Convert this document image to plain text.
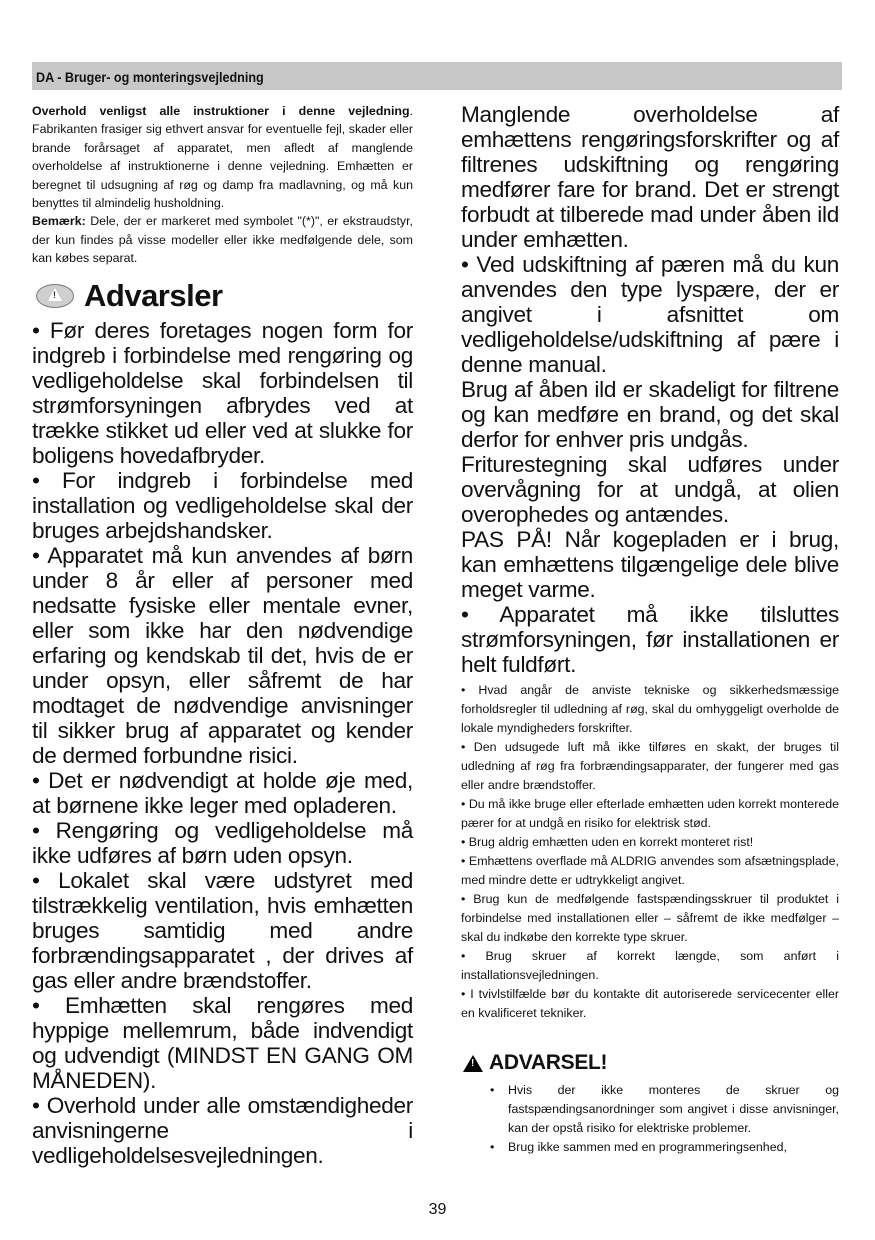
DA - Bruger- og monteringsvejledning

Overhold venligst alle instruktioner i denne vejledning. Fabrikanten frasiger sig ethvert ansvar for eventuelle fejl, skader eller brande forårsaget af apparatet, men afledt af manglende overholdelse af instruktionerne i denne vejledning. Emhætten er beregnet til udsugning af røg og damp fra madlavning, og må kun benyttes til almindelig husholdning.

Bemærk: Dele, der er markeret med symbolet "(*)", er ekstraudstyr, der kun findes på visse modeller eller ikke medfølgende dele, som kan købes separat.

! Advarsler

• Før deres foretages nogen form for indgreb i forbindelse med rengøring og vedligeholdelse skal forbindelsen til strømforsyningen afbrydes ved at trække stikket ud eller ved at slukke for boligens hovedafbryder.

• For indgreb i forbindelse med installation og vedligeholdelse skal der bruges arbejdshandsker.

• Apparatet må kun anvendes af børn under 8 år eller af personer med nedsatte fysiske eller mentale evner, eller som ikke har den nødvendige erfaring og kendskab til det, hvis de er under opsyn, eller såfremt de har modtaget de nødvendige anvisninger til sikker brug af apparatet og kender de dermed forbundne risici.

• Det er nødvendigt at holde øje med, at børnene ikke leger med opladeren.

• Rengøring og vedligeholdelse må ikke udføres af børn uden opsyn.

• Lokalet skal være udstyret med tilstrækkelig ventilation, hvis emhætten bruges samtidig med andre forbrændingsapparatet , der drives af gas eller andre brændstoffer.

• Emhætten skal rengøres med hyppige mellemrum, både indvendigt og udvendigt (MINDST EN GANG OM MÅNEDEN).

• Overhold under alle omstændigheder anvisningerne i vedligeholdelsesvejledningen.

Manglende overholdelse af emhættens rengøringsforskrifter og af filtrenes udskiftning og rengøring medfører fare for brand. Det er strengt forbudt at tilberede mad under åben ild under emhætten.

• Ved udskiftning af pæren må du kun anvendes den type lyspære, der er angivet i afsnittet om vedligeholdelse/udskiftning af pære i denne manual.

Brug af åben ild er skadeligt for filtrene og kan medføre en brand, og det skal derfor for enhver pris undgås.

Friturestegning skal udføres under overvågning for at undgå, at olien overophedes og antændes.

PAS PÅ! Når kogepladen er i brug, kan emhættens tilgængelige dele blive meget varme.

• Apparatet må ikke tilsluttes strømforsyningen, før installationen er helt fuldført.

• Hvad angår de anviste tekniske og sikkerhedsmæssige forholdsregler til udledning af røg, skal du omhyggeligt overholde de lokale myndigheders forskrifter.

• Den udsugede luft må ikke tilføres en skakt, der bruges til udledning af røg fra forbrændingsapparater, der fungerer med gas eller andre brændstoffer.

• Du må ikke bruge eller efterlade emhætten uden korrekt monterede pærer for at undgå en risiko for elektrisk stød.

• Brug aldrig emhætten uden en korrekt monteret rist!

• Emhættens overflade må ALDRIG anvendes som afsætningsplade, med mindre dette er udtrykkeligt angivet.

• Brug kun de medfølgende fastspændingsskruer til produktet i forbindelse med installationen eller – såfremt de ikke medfølger – skal du indkøbe den korrekte type skruer.

• Brug skruer af korrekt længde, som anført i installationsvejledningen.

• I tvivlstilfælde bør du kontakte dit autoriserede servicecenter eller en kvalificeret tekniker.

! ADVARSEL!
• Hvis der ikke monteres de skruer og fastspændingsanordninger som angivet i disse anvisninger, kan der opstå risiko for elektriske problemer.
• Brug ikke sammen med en programmeringsenhed,
39
